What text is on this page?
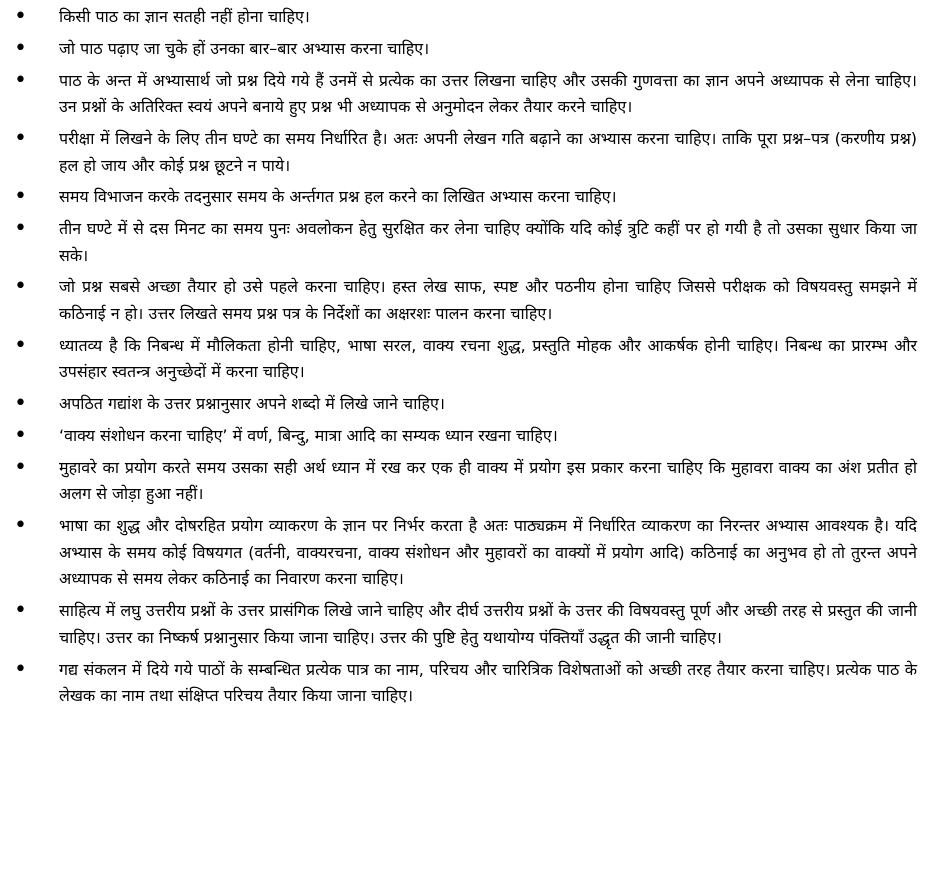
• किसी पाठ का ज्ञान सतही नहीं होना चाहिए।
• जो पाठ पढ़ाए जा चुके हों उनका बार–बार अभ्यास करना चाहिए।
• पाठ के अन्त में अभ्यासार्थ जो प्रश्न दिये गये हैं उनमें से प्रत्येक का उत्तर लिखना चाहिए और उसकी गुणवत्ता का ज्ञान अपने अध्यापक से लेना चाहिए। उन प्रश्नों के अतिरिक्त स्वयं अपने बनाये हुए प्रश्न भी अध्यापक से अनुमोदन लेकर तैयार करने चाहिए।
• परीक्षा में लिखने के लिए तीन घण्टे का समय निर्धारित है। अतः अपनी लेखन गति बढ़ाने का अभ्यास करना चाहिए। ताकि पूरा प्रश्न–पत्र (करणीय प्रश्न) हल हो जाय और कोई प्रश्न छूटने न पाये।
• समय विभाजन करके तदनुसार समय के अर्न्तगत प्रश्न हल करने का लिखित अभ्यास करना चाहिए।
• तीन घण्टे में से दस मिनट का समय पुनः अवलोकन हेतु सुरक्षित कर लेना चाहिए क्योंकि यदि कोई त्रुटि कहीं पर हो गयी है तो उसका सुधार किया जा सके।
• जो प्रश्न सबसे अच्छा तैयार हो उसे पहले करना चाहिए। हस्त लेख साफ, स्पष्ट और पठनीय होना चाहिए जिससे परीक्षक को विषयवस्तु समझने में कठिनाई न हो। उत्तर लिखते समय प्रश्न पत्र के निर्देशों का अक्षरशः पालन करना चाहिए।
• ध्यातव्य है कि निबन्ध में मौलिकता होनी चाहिए, भाषा सरल, वाक्य रचना शुद्ध, प्रस्तुति मोहक और आकर्षक होनी चाहिए। निबन्ध का प्रारम्भ और उपसंहार स्वतन्त्र अनुच्छेदों में करना चाहिए।
• अपठित गद्यांश के उत्तर प्रश्नानुसार अपने शब्दो में लिखे जाने चाहिए।
• ‘वाक्य संशोधन करना चाहिए’ में वर्ण, बिन्दु, मात्रा आदि का सम्यक ध्यान रखना चाहिए।
• मुहावरे का प्रयोग करते समय उसका सही अर्थ ध्यान में रख कर एक ही वाक्य में प्रयोग इस प्रकार करना चाहिए कि मुहावरा वाक्य का अंश प्रतीत हो अलग से जोड़ा हुआ नहीं।
• भाषा का शुद्ध और दोषरहित प्रयोग व्याकरण के ज्ञान पर निर्भर करता है अतः पाठ्यक्रम में निर्धारित व्याकरण का निरन्तर अभ्यास आवश्यक है। यदि अभ्यास के समय कोई विषयगत (वर्तनी, वाक्यरचना, वाक्य संशोधन और मुहावरों का वाक्यों में प्रयोग आदि) कठिनाई का अनुभव हो तो तुरन्त अपने अध्यापक से समय लेकर कठिनाई का निवारण करना चाहिए।
• साहित्य में लघु उत्तरीय प्रश्नों के उत्तर प्रासंगिक लिखे जाने चाहिए और दीर्घ उत्तरीय प्रश्नों के उत्तर की विषयवस्तु पूर्ण और अच्छी तरह से प्रस्तुत की जानी चाहिए। उत्तर का निष्कर्ष प्रश्नानुसार किया जाना चाहिए। उत्तर की पुष्टि हेतु यथायोग्य पंक्तियाँ उद्धृत की जानी चाहिए।
• गद्य संकलन में दिये गये पाठों के सम्बन्धित प्रत्येक पात्र का नाम, परिचय और चारित्रिक विशेषताओं को अच्छी तरह तैयार करना चाहिए। प्रत्येक पाठ के लेखक का नाम तथा संक्षिप्त परिचय तैयार किया जाना चाहिए।
